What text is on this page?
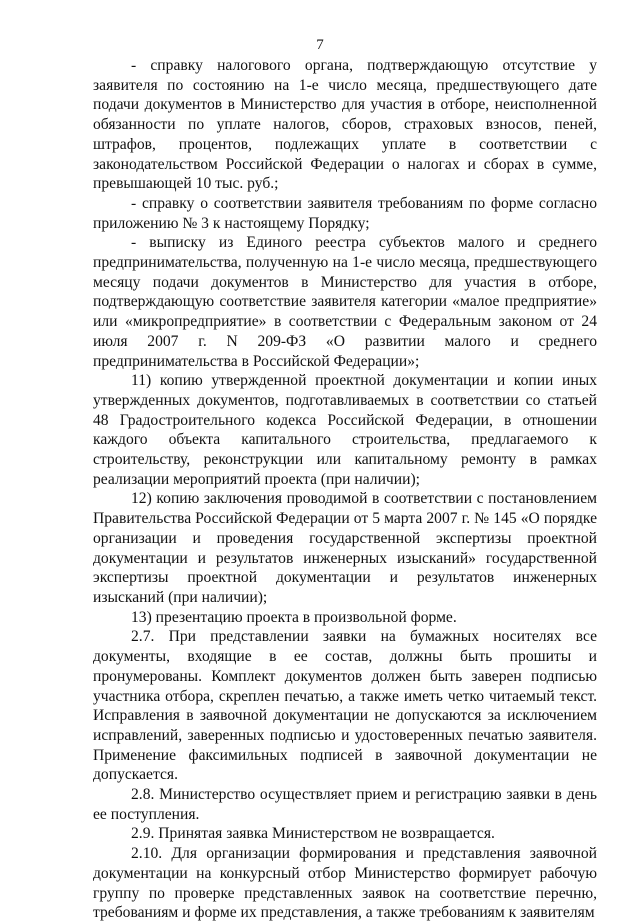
7

- справку налогового органа, подтверждающую отсутствие у заявителя по состоянию на 1-е число месяца, предшествующего дате подачи документов в Министерство для участия в отборе, неисполненной обязанности по уплате налогов, сборов, страховых взносов, пеней, штрафов, процентов, подлежащих уплате в соответствии с законодательством Российской Федерации о налогах и сборах в сумме, превышающей 10 тыс. руб.;

- справку о соответствии заявителя требованиям по форме согласно приложению № 3 к настоящему Порядку;

- выписку из Единого реестра субъектов малого и среднего предпринимательства, полученную на 1-е число месяца, предшествующего месяцу подачи документов в Министерство для участия в отборе, подтверждающую соответствие заявителя категории «малое предприятие» или «микропредприятие» в соответствии с Федеральным законом от 24 июля 2007 г. N 209-ФЗ «О развитии малого и среднего предпринимательства в Российской Федерации»;

11) копию утвержденной проектной документации и копии иных утвержденных документов, подготавливаемых в соответствии со статьей 48 Градостроительного кодекса Российской Федерации, в отношении каждого объекта капитального строительства, предлагаемого к строительству, реконструкции или капитальному ремонту в рамках реализации мероприятий проекта (при наличии);

12) копию заключения проводимой в соответствии с постановлением Правительства Российской Федерации от 5 марта 2007 г. № 145 «О порядке организации и проведения государственной экспертизы проектной документации и результатов инженерных изысканий» государственной экспертизы проектной документации и результатов инженерных изысканий (при наличии);

13) презентацию проекта в произвольной форме.

2.7. При представлении заявки на бумажных носителях все документы, входящие в ее состав, должны быть прошиты и пронумерованы. Комплект документов должен быть заверен подписью участника отбора, скреплен печатью, а также иметь четко читаемый текст. Исправления в заявочной документации не допускаются за исключением исправлений, заверенных подписью и удостоверенных печатью заявителя. Применение факсимильных подписей в заявочной документации не допускается.

2.8. Министерство осуществляет прием и регистрацию заявки в день ее поступления.

2.9. Принятая заявка Министерством не возвращается.

2.10. Для организации формирования и представления заявочной документации на конкурсный отбор Министерство формирует рабочую группу по проверке представленных заявок на соответствие перечню, требованиям и форме их представления, а также требованиям к заявителям
